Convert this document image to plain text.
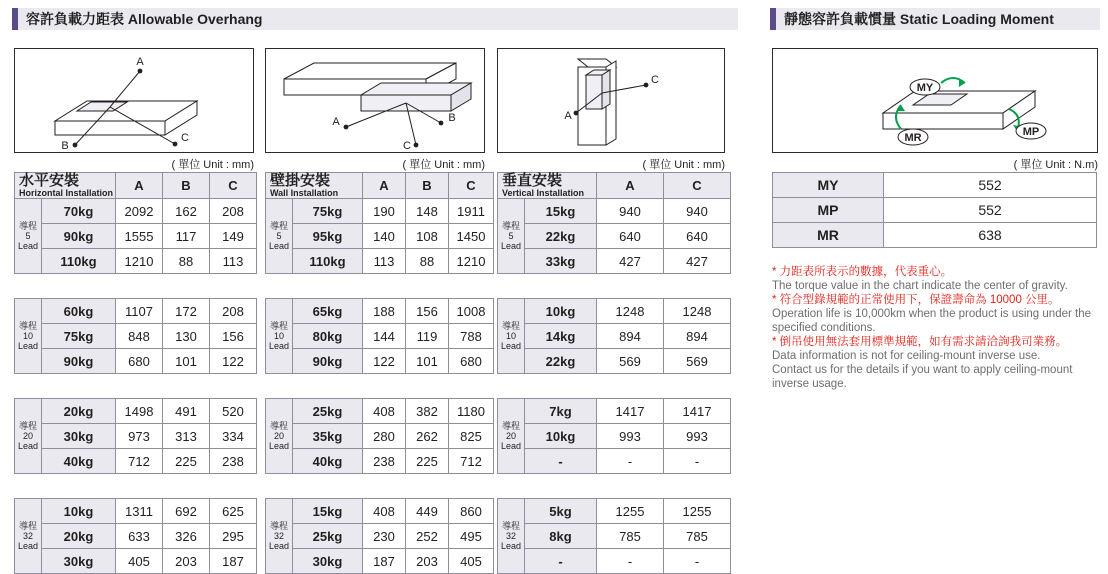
容許負載力距表 Allowable Overhang	靜態容許負載慣量 Static Loading Moment
A
B
C
A	B
C
A
C
MY
MP
MR
( 單位 Unit : mm)	( 單位 Unit : mm)	( 單位 Unit : mm)	( 單位 Unit : N.m)
水平安裝
Horizontal Installation		A	B	C
導程
5
Lead	70kg	2092	162	208
	90kg	1555	117	149
	110kg	1210	88	113

導程
10
Lead	60kg	1107	172	208
	75kg	848	130	156
	90kg	680	101	122

導程
20
Lead	20kg	1498	491	520
	30kg	973	313	334
	40kg	712	225	238

導程
32
Lead	10kg	1311	692	625
	20kg	633	326	295
	30kg	405	203	187
壁掛安裝
Wall Installation		A	B	C
導程
5
Lead	75kg	190	148	1911
	95kg	140	108	1450
	110kg	113	88	1210

導程
10
Lead	65kg	188	156	1008
	80kg	144	119	788
	90kg	122	101	680

導程
20
Lead	25kg	408	382	1180
	35kg	280	262	825
	40kg	238	225	712

導程
32
Lead	15kg	408	449	860
	25kg	230	252	495
	30kg	187	203	405
垂直安裝
Vertical Installation		A	C
導程
5
Lead	15kg	940	940
	22kg	640	640
	33kg	427	427

導程
10
Lead	10kg	1248	1248
	14kg	894	894
	22kg	569	569

導程
20
Lead	7kg	1417	1417
	10kg	993	993
	-	-	-

導程
32
Lead	5kg	1255	1255
	8kg	785	785
	-	-	-
MY	552
MP	552
MR	638
* 力距表所表示的數據，代表重心。
The torque value in the chart indicate the center of gravity.
* 符合型錄規範的正常使用下，保證壽命為 10000 公里。
Operation life is 10,000km when the product is using under the
specified conditions.
* 倒吊使用無法套用標準規範，如有需求請洽詢我司業務。
Data information is not for ceiling-mount inverse use.
Contact us for the details if you want to apply ceiling-mount
inverse usage.
